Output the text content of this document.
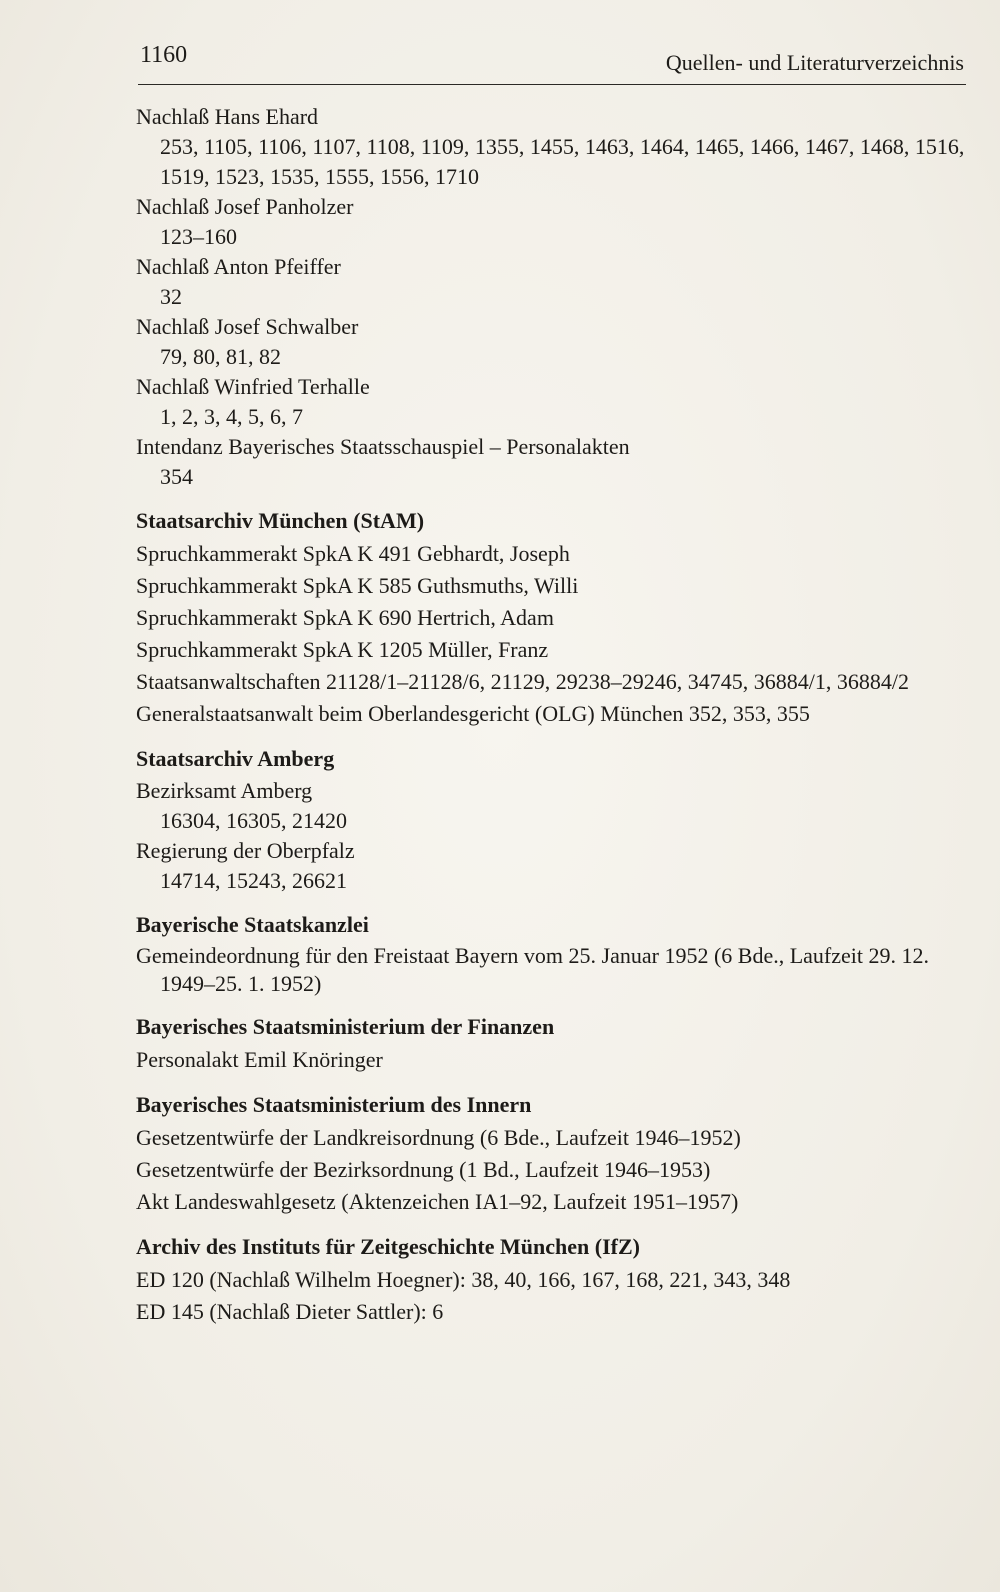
1160	Quellen- und Literaturverzeichnis
Nachlaß Hans Ehard
253, 1105, 1106, 1107, 1108, 1109, 1355, 1455, 1463, 1464, 1465, 1466, 1467, 1468, 1516, 1519, 1523, 1535, 1555, 1556, 1710
Nachlaß Josef Panholzer
123–160
Nachlaß Anton Pfeiffer
32
Nachlaß Josef Schwalber
79, 80, 81, 82
Nachlaß Winfried Terhalle
1, 2, 3, 4, 5, 6, 7
Intendanz Bayerisches Staatsschauspiel – Personalakten
354
Staatsarchiv München (StAM)
Spruchkammerakt SpkA K 491 Gebhardt, Joseph
Spruchkammerakt SpkA K 585 Guthsmuths, Willi
Spruchkammerakt SpkA K 690 Hertrich, Adam
Spruchkammerakt SpkA K 1205 Müller, Franz
Staatsanwaltschaften 21128/1–21128/6, 21129, 29238–29246, 34745, 36884/1, 36884/2
Generalstaatsanwalt beim Oberlandesgericht (OLG) München 352, 353, 355
Staatsarchiv Amberg
Bezirksamt Amberg
16304, 16305, 21420
Regierung der Oberpfalz
14714, 15243, 26621
Bayerische Staatskanzlei
Gemeindeordnung für den Freistaat Bayern vom 25. Januar 1952 (6 Bde., Laufzeit 29. 12. 1949–25. 1. 1952)
Bayerisches Staatsministerium der Finanzen
Personalakt Emil Knöringer
Bayerisches Staatsministerium des Innern
Gesetzentwürfe der Landkreisordnung (6 Bde., Laufzeit 1946–1952)
Gesetzentwürfe der Bezirksordnung (1 Bd., Laufzeit 1946–1953)
Akt Landeswahlgesetz (Aktenzeichen IA1–92, Laufzeit 1951–1957)
Archiv des Instituts für Zeitgeschichte München (IfZ)
ED 120 (Nachlaß Wilhelm Hoegner): 38, 40, 166, 167, 168, 221, 343, 348
ED 145 (Nachlaß Dieter Sattler): 6
